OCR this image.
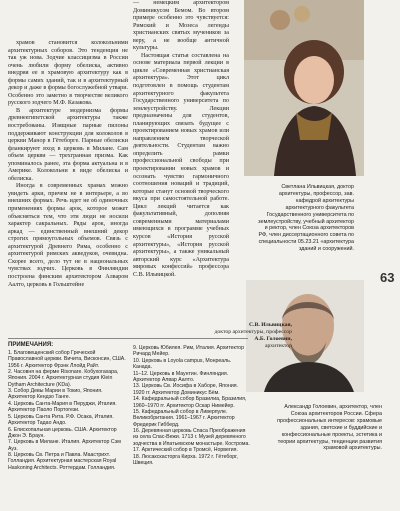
храмов становится колокольними архитектурных соборов. Это тенденция не так уж нова. Зодчие классицизма в России очень любили форму обелиска, активно внедряя ее в храмовую архитектуру как в формы самих зданий, так и в архитектурный декор и даже в формы богослужебной утвари. Особенно это заметно в творчестве великого русского зодчего М.Ф. Казакова.

В архитектуре модернизма формы древнеегипетской архитектуры также востребованы. Изящные парные пилоны поддерживают конструкции для колоколов в церкви Манор в Гётеборге. Парные обелиски фланкируют вход в церковь в Милане. Сам объем церкви — трехгранная призма. Как упоминалось ранее, эта форма актуальна и в Америке. Колокольни в виде обелиска и обелиска.

Иногда в современных храмах можно увидеть арки, причем не в интерьере, а во внешних формах. Речь идет не об одиночных применениях формы арок, которое может объясняться тем, что эти люди не носили характер сакральных. Ряды арок, иногда аркад — единственный внешний декор строгих прямоугольных объемов. Связь с архитектурой Древнего Рима, особенно с архитектурой римских акведуков, очевидна. Скорее всего, дело тут не в национальных чувствах зодчих. Церковь в Финляндии построена финским архитектором Алваром Аалто, церковь в Гольштейне

— немецким архитектором Доминикусом Бемом. Во втором примере особенно это чувствуется: Римский и Мозеса легенды христианских святых мучеников за веру, а не вообще античной культуры.

Настоящая статья составлена на основе материала первой лекции в цикле «Современная христианская архитектура». Этот цикл подготовлен в помощь студентам архитектурного факультета Государственного университета по землеустройству. Лекции предназначены для студентов, планирующих связать будущее с проектированием новых храмов или направлением творческой деятельности. Студентам важно определить рамки профессиональной свободы при проектировании новых храмов и осознать чувство гармоничного соотношения новаций и традиций, которые станут основой творческого вкуса при самостоятельной работе. Цикл лекций читается как факультативный, дополняя современными материалами имеющихся в программе учебных курсов «История русской архитектуры», «История русской архитектуры», а также уникальный авторский курс «Архитектура мировых конфессий» профессора С.В. Ильвицкой.

Светлана Ильвицкая, доктор архитектуры, профессор, зав. кафедрой архитектуры архитектурного факультета Государственного университета по землеустройству, учебный архитектор и ректор, член Союза архитекторов РФ, член диссертационного совета по специальности 05.23.21 «архитектура зданий и сооружений.
63
Александр Голоевин, архитектор, член Союза архитекторов России. Сфера профессиональных интересов: храмовые здания, светские и буддийские и конфессиональные проекты, эстетика и теории архитектуры, тенденции развития храмовой архитектуры.
С.В. Ильвицкая,
доктор архитектуры, профессор
А.Б. Голоевин,
архитектор
ПРИМЕЧАНИЯ:
1. Благовещенский собор Греческой Православной церкви. Вичита, Висконсин, США. 1956 г. Архитектор Фрэнк Ллойд Райт.
2. Часовня на ферме Risonare. Кобухогахара, Япония. 2004 г. Архитектурная студия Klein Dytham Architecture (KDa).
3. Собор Девы Марии в Токио, Япония. Архитектор Кендзо Танге.
4. Церковь Санта-Мария в Перуджи, Италия. Архитектор Паоло Портогези.
5. Церковь Санта Рита. Р.Ф. Осака, Италия. Архитектор Тадао Андо.
6. Епископальная церковь. США. Архитектор Джон Э. Браун.
7. Церковь в Милане. Италия. Архитектор Сэм Ауз.
8. Церковь Св. Петра и Павла. Маастрихт. Голландия. Архитектурная мастерская Royal Haskoning Architects. Роттердам. Голландия.
9. Церковь Юбилея. Рим, Италия. Архитектор Ричард Мейер.
10. Церковь в Loyola campus, Монреаль. Канада.
11–12. Церковь в Маунтин. Финляндия. Архитектор Алвар Аалто.
13. Церковь Св. Иосифа в Хаборе, Япония.
1920 гг. Архитектор Доминикус Бём.
14. Кафедральный собор Бразилиа, Бразилия, 1960–1970 гг. Архитектор Оскар Нимейер.
15. Кафедральный собор в Ливерпуле. Великобритания. 1961–1967 г. Архитектор Фредерик Гибберд.
16. Деревянная церковь Спаса Преображения из села Спас-Вежи. 1713 г. Музей деревянного зодчества в Ипатьевском монастыре. Кострома.
17. Арктический собор в Тромсё, Норвегия.
18. Люсакскасторга Кирха. 1972 г. Гётеборг, Швеция.
